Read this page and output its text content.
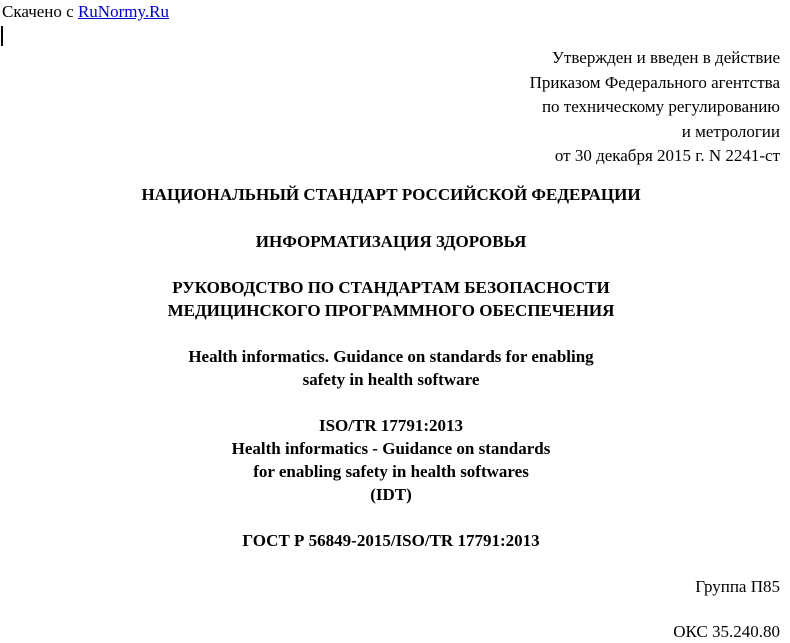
Скачено с RuNormy.Ru
Утвержден и введен в действие
Приказом Федерального агентства
по техническому регулированию
и метрологии
от 30 декабря 2015 г. N 2241-ст
НАЦИОНАЛЬНЫЙ СТАНДАРТ РОССИЙСКОЙ ФЕДЕРАЦИИ
ИНФОРМАТИЗАЦИЯ ЗДОРОВЬЯ
РУКОВОДСТВО ПО СТАНДАРТАМ БЕЗОПАСНОСТИ
МЕДИЦИНСКОГО ПРОГРАММНОГО ОБЕСПЕЧЕНИЯ
Health informatics. Guidance on standards for enabling
safety in health software
ISO/TR 17791:2013
Health informatics - Guidance on standards
for enabling safety in health softwares
(IDT)
ГОСТ Р 56849-2015/ISO/TR 17791:2013
Группа П85
ОКС 35.240.80
